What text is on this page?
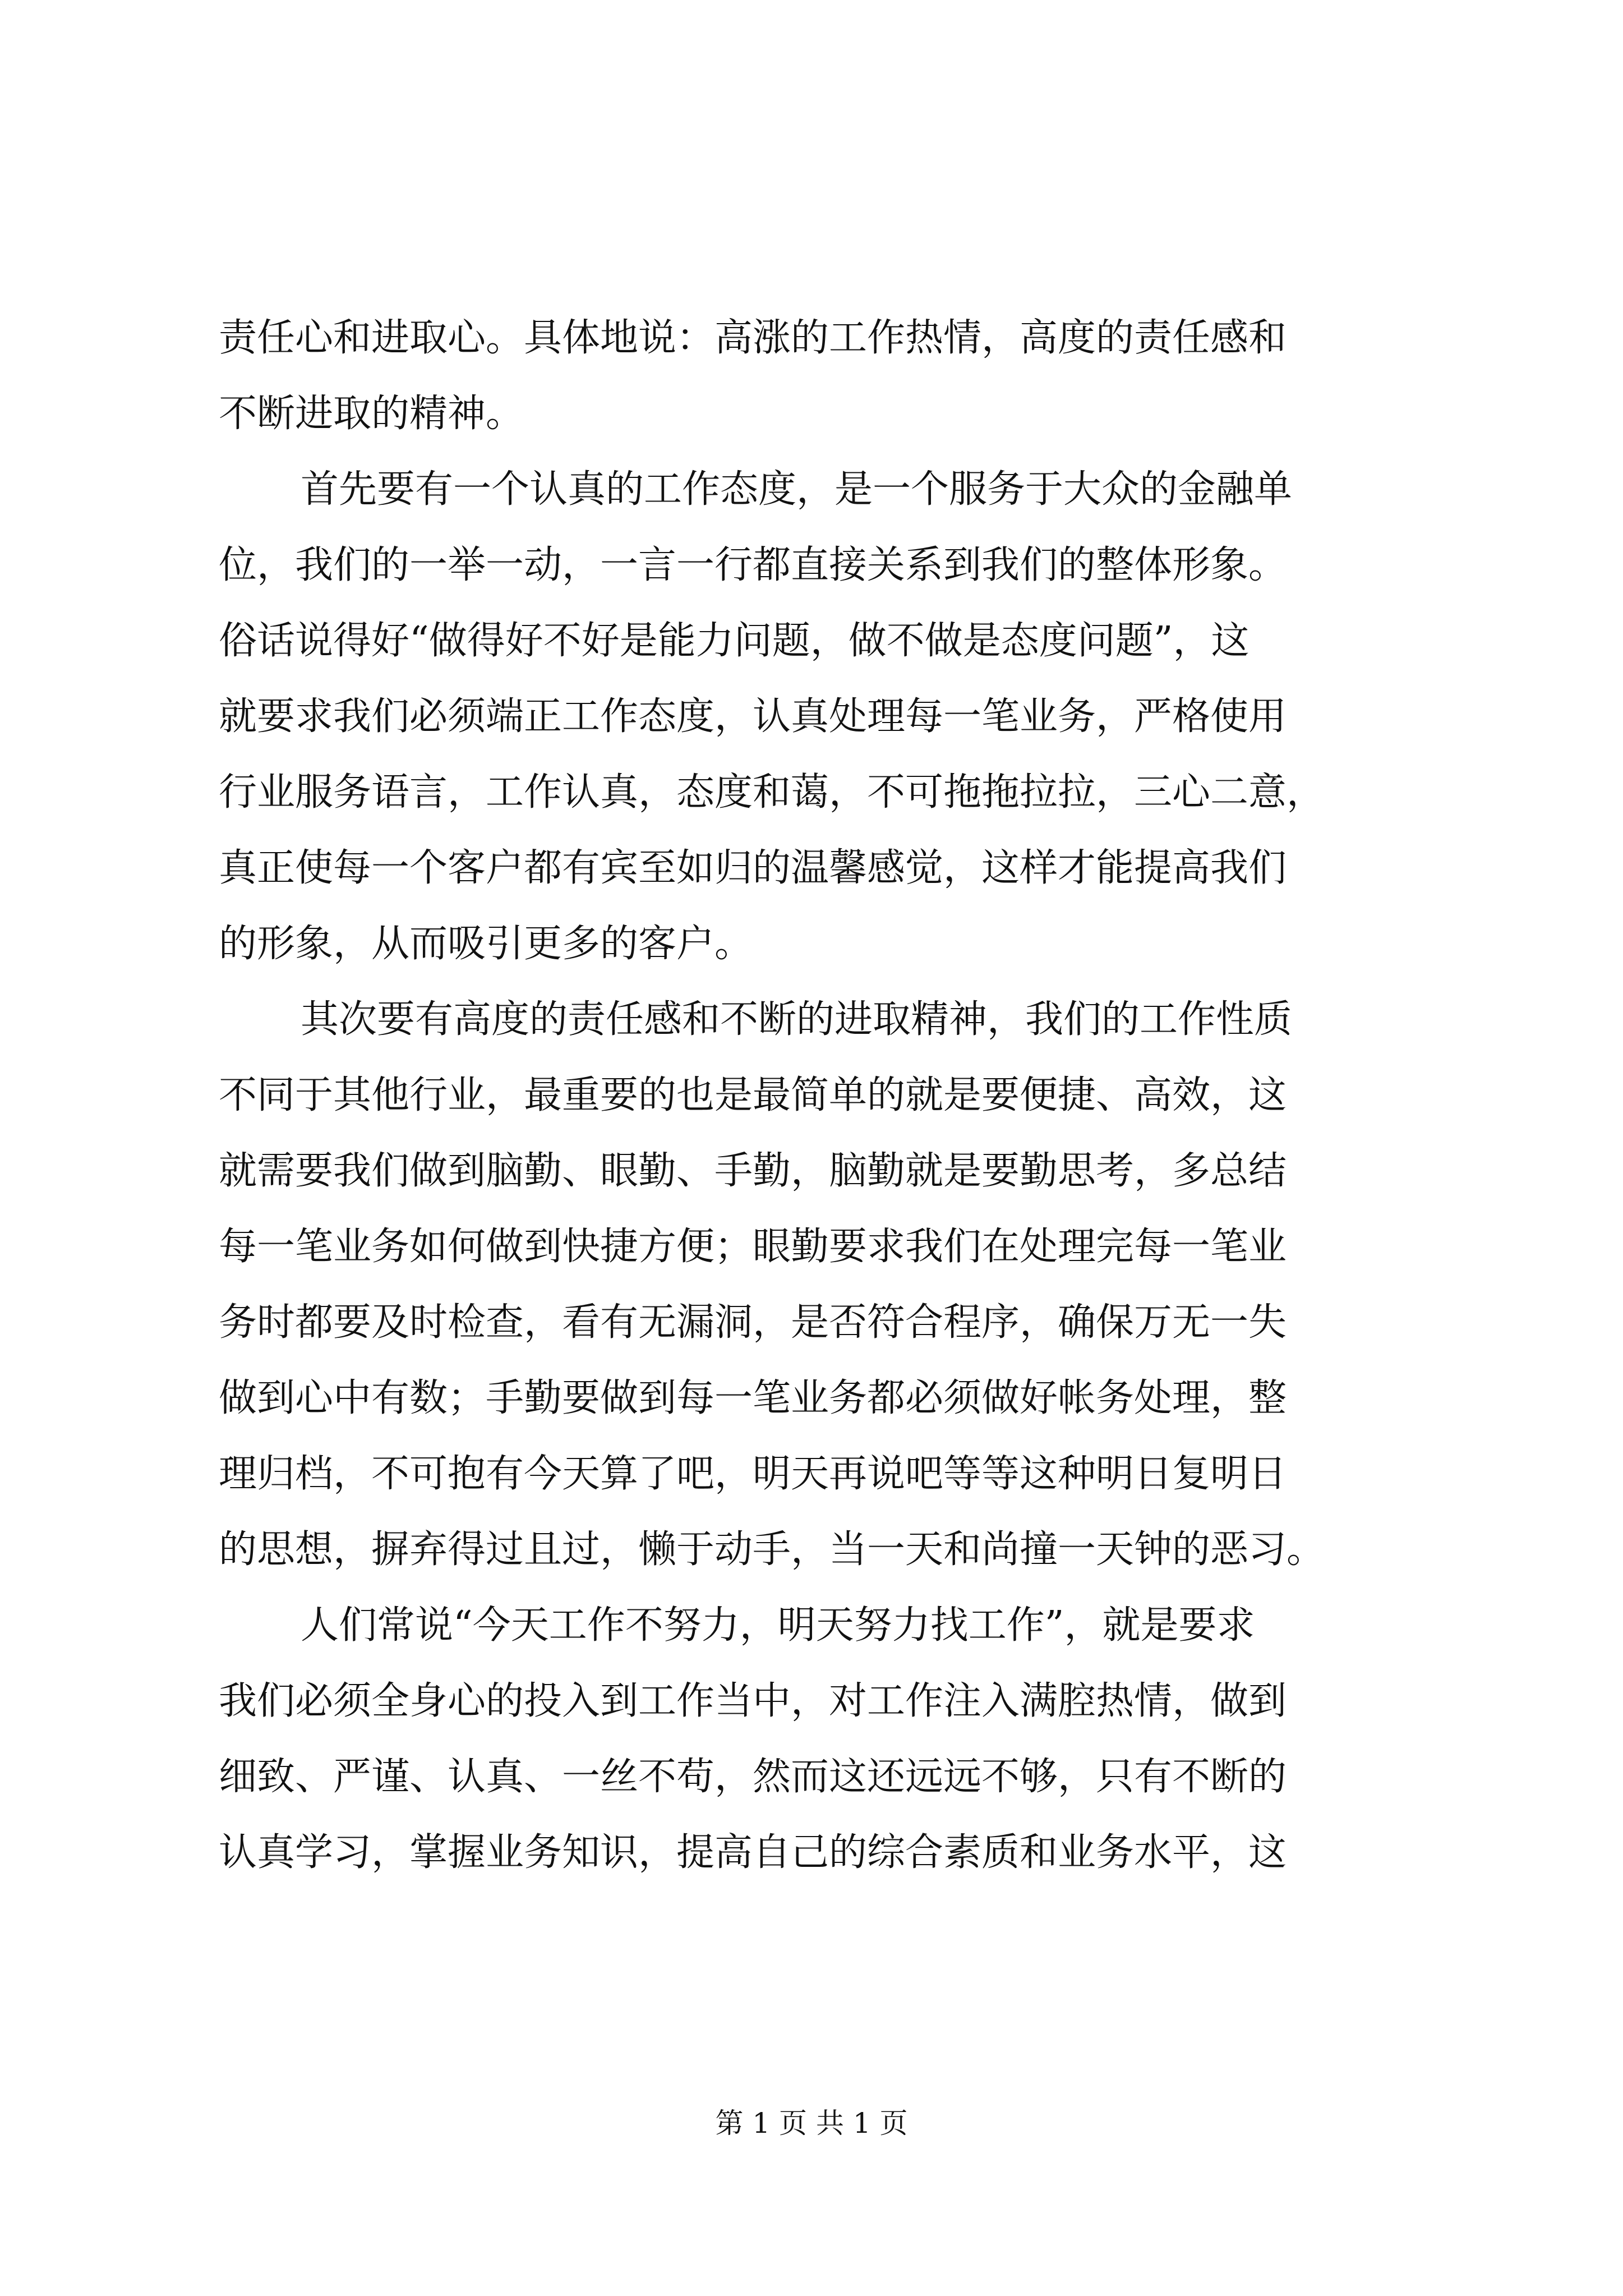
责任心和进取心。具体地说：高涨的工作热情，高度的责任感和
不断进取的精神。
首先要有一个认真的工作态度，是一个服务于大众的金融单
位，我们的一举一动，一言一行都直接关系到我们的整体形象。
俗话说得好“做得好不好是能力问题，做不做是态度问题”，这
就要求我们必须端正工作态度，认真处理每一笔业务，严格使用
行业服务语言，工作认真，态度和蔼，不可拖拖拉拉，三心二意，
真正使每一个客户都有宾至如归的温馨感觉，这样才能提高我们
的形象，从而吸引更多的客户。
其次要有高度的责任感和不断的进取精神，我们的工作性质
不同于其他行业，最重要的也是最简单的就是要便捷、高效，这
就需要我们做到脑勤、眼勤、手勤，脑勤就是要勤思考，多总结
每一笔业务如何做到快捷方便；眼勤要求我们在处理完每一笔业
务时都要及时检查，看有无漏洞，是否符合程序，确保万无一失
做到心中有数；手勤要做到每一笔业务都必须做好帐务处理，整
理归档，不可抱有今天算了吧，明天再说吧等等这种明日复明日
的思想，摒弃得过且过，懒于动手，当一天和尚撞一天钟的恶习。
人们常说“今天工作不努力，明天努力找工作”，就是要求
我们必须全身心的投入到工作当中，对工作注入满腔热情，做到
细致、严谨、认真、一丝不苟，然而这还远远不够，只有不断的
认真学习，掌握业务知识，提高自己的综合素质和业务水平，这
第 1 页 共 1 页
